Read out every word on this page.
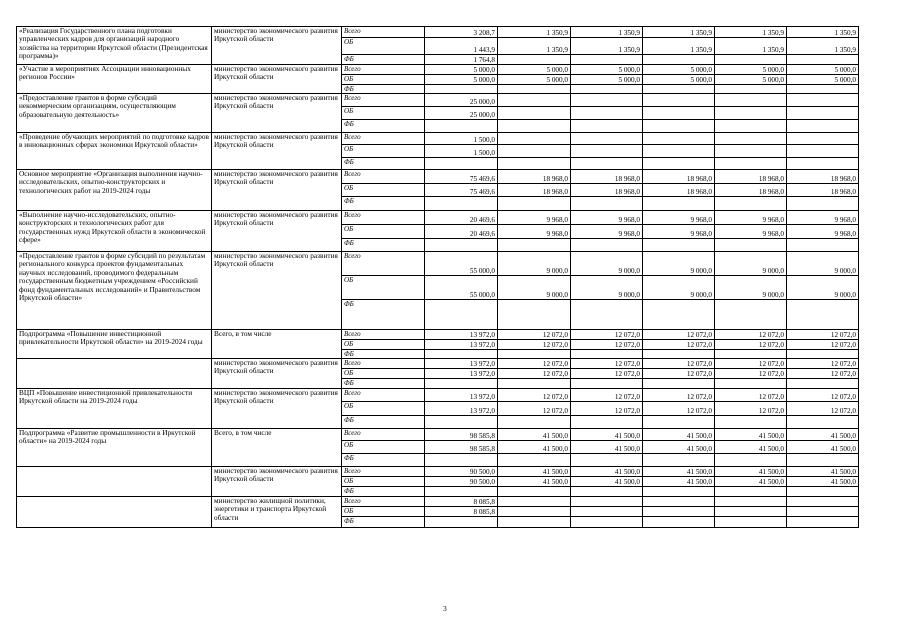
«Реализация Государственного плана подготовки управленческих кадров для организаций народного хозяйства на территории Иркутской области (Президентская программа)»	министерство экономического развития Иркутской области	Всего	3 208,7	1 350,9	1 350,9	1 350,9	1 350,9	1 350,9
		ОБ	1 443,9	1 350,9	1 350,9	1 350,9	1 350,9	1 350,9
		ФБ	1 764,8					
«Участие в мероприятиях Ассоциации инновационных регионов России»	министерство экономического развития Иркутской области	Всего	5 000,0	5 000,0	5 000,0	5 000,0	5 000,0	5 000,0
		ОБ	5 000,0	5 000,0	5 000,0	5 000,0	5 000,0	5 000,0
		ФБ						
«Предоставление грантов в форме субсидий некоммерческим организациям, осуществляющим образовательную деятельность»	министерство экономического развития Иркутской области	Всего	25 000,0					
		ОБ	25 000,0					
		ФБ						
«Проведение обучающих мероприятий по подготовке кадров в инновационных сферах экономики Иркутской области»	министерство экономического развития Иркутской области	Всего	1 500,0					
		ОБ	1 500,0					
		ФБ						
Основное мероприятие «Организация выполнения научно-исследовательских, опытно-конструкторских и технологических работ на 2019-2024 годы	министерство экономического развития Иркутской области	Всего	75 469,6	18 968,0	18 968,0	18 968,0	18 968,0	18 968,0
		ОБ	75 469,6	18 968,0	18 968,0	18 968,0	18 968,0	18 968,0
		ФБ						
«Выполнение научно-исследовательских, опытно-конструкторских и технологических работ для государственных нужд Иркутской области в экономической сфере»	министерство экономического развития Иркутской области	Всего	20 469,6	9 968,0	9 968,0	9 968,0	9 968,0	9 968,0
		ОБ	20 469,6	9 968,0	9 968,0	9 968,0	9 968,0	9 968,0
		ФБ						
«Предоставление грантов в форме субсидий по результатам регионального конкурса проектов фундаментальных научных исследований, проводимого федеральным государственным бюджетным учреждением «Российский фонд фундаментальных исследований» и Правительством Иркутской области»	министерство экономического развития Иркутской области	Всего	55 000,0	9 000,0	9 000,0	9 000,0	9 000,0	9 000,0
		ОБ	55 000,0	9 000,0	9 000,0	9 000,0	9 000,0	9 000,0
		ФБ						
Подпрограмма «Повышение инвестиционной привлекательности Иркутской области» на 2019-2024 годы	Всего, в том числе	Всего	13 972,0	12 072,0	12 072,0	12 072,0	12 072,0	12 072,0
		ОБ	13 972,0	12 072,0	12 072,0	12 072,0	12 072,0	12 072,0
		ФБ						
	министерство экономического развития Иркутской области	Всего	13 972,0	12 072,0	12 072,0	12 072,0	12 072,0	12 072,0
		ОБ	13 972,0	12 072,0	12 072,0	12 072,0	12 072,0	12 072,0
		ФБ						
ВЦП «Повышение инвестиционной привлекательности Иркутской области на 2019-2024 годы	министерство экономического развития Иркутской области	Всего	13 972,0	12 072,0	12 072,0	12 072,0	12 072,0	12 072,0
		ОБ	13 972,0	12 072,0	12 072,0	12 072,0	12 072,0	12 072,0
		ФБ						
Подпрограмма «Развитие промышленности в Иркутской области» на 2019-2024 годы	Всего, в том числе	Всего	98 585,8	41 500,0	41 500,0	41 500,0	41 500,0	41 500,0
		ОБ	98 585,8	41 500,0	41 500,0	41 500,0	41 500,0	41 500,0
		ФБ						
	министерство экономического развития Иркутской области	Всего	90 500,0	41 500,0	41 500,0	41 500,0	41 500,0	41 500,0
		ОБ	90 500,0	41 500,0	41 500,0	41 500,0	41 500,0	41 500,0
		ФБ						
	министерство жилищной политики, энергетики и транспорта Иркутской области	Всего	8 085,8					
		ОБ	8 085,8					
		ФБ						
3
